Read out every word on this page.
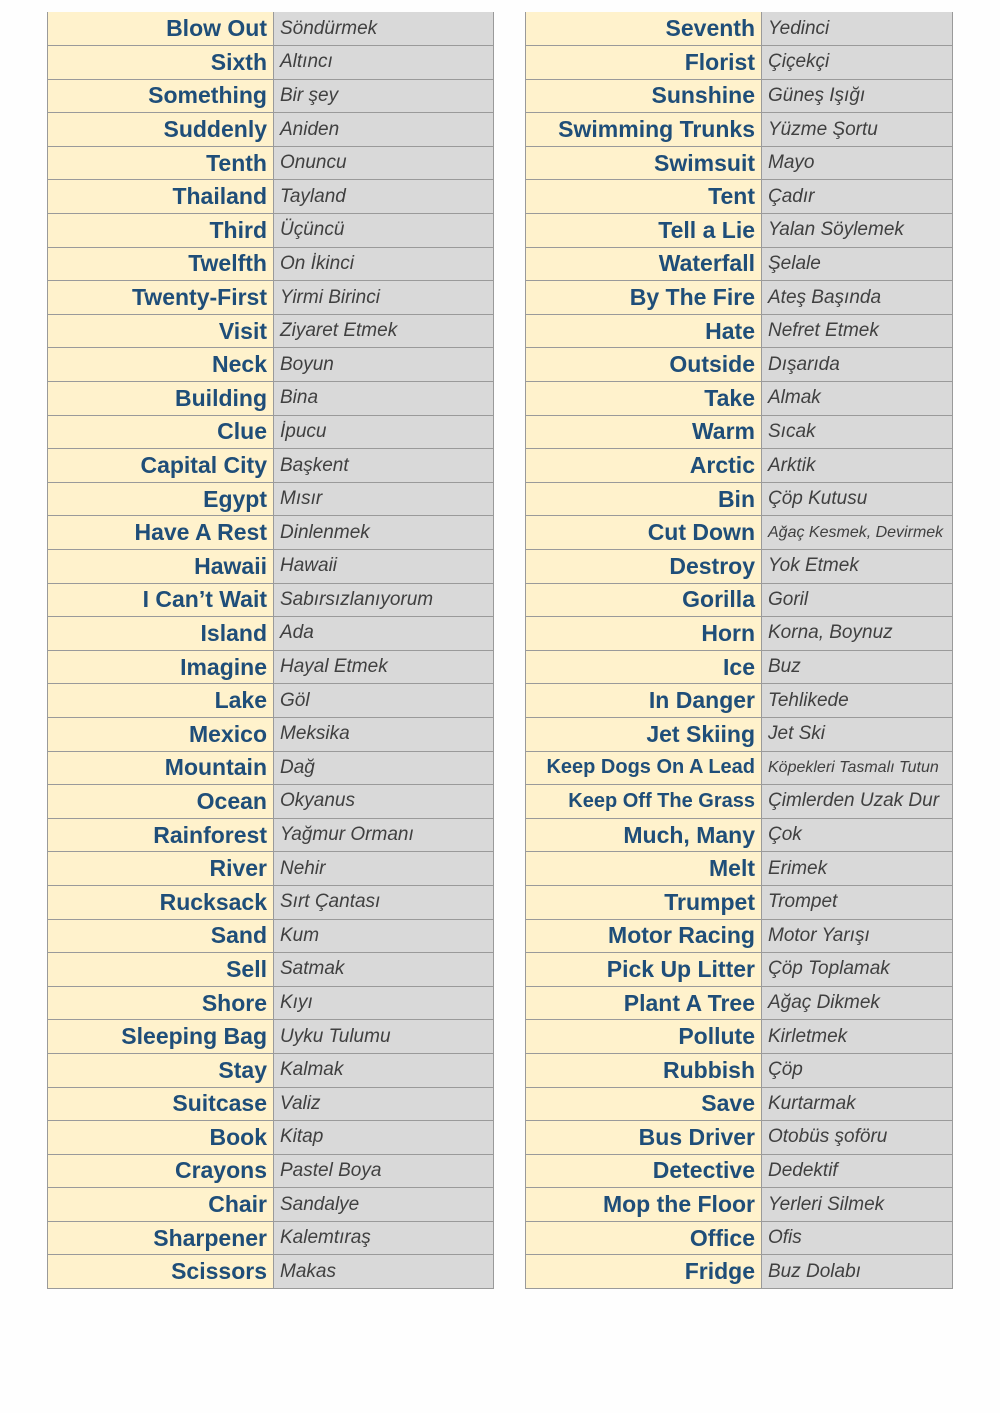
Blow Out	Söndürmek
Sixth	Altıncı
Something	Bir şey
Suddenly	Aniden
Tenth	Onuncu
Thailand	Tayland
Third	Üçüncü
Twelfth	On İkinci
Twenty-First	Yirmi Birinci
Visit	Ziyaret Etmek
Neck	Boyun
Building	Bina
Clue	İpucu
Capital City	Başkent
Egypt	Mısır
Have A Rest	Dinlenmek
Hawaii	Hawaii
I Can’t Wait	Sabırsızlanıyorum
Island	Ada
Imagine	Hayal Etmek
Lake	Göl
Mexico	Meksika
Mountain	Dağ
Ocean	Okyanus
Rainforest	Yağmur Ormanı
River	Nehir
Rucksack	Sırt Çantası
Sand	Kum
Sell	Satmak
Shore	Kıyı
Sleeping Bag	Uyku Tulumu
Stay	Kalmak
Suitcase	Valiz
Book	Kitap
Crayons	Pastel Boya
Chair	Sandalye
Sharpener	Kalemtıraş
Scissors	Makas
Seventh	Yedinci
Florist	Çiçekçi
Sunshine	Güneş Işığı
Swimming Trunks	Yüzme Şortu
Swimsuit	Mayo
Tent	Çadır
Tell a Lie	Yalan Söylemek
Waterfall	Şelale
By The Fire	Ateş Başında
Hate	Nefret Etmek
Outside	Dışarıda
Take	Almak
Warm	Sıcak
Arctic	Arktik
Bin	Çöp Kutusu
Cut Down	Ağaç Kesmek, Devirmek
Destroy	Yok Etmek
Gorilla	Goril
Horn	Korna, Boynuz
Ice	Buz
In Danger	Tehlikede
Jet Skiing	Jet Ski
Keep Dogs On A Lead	Köpekleri Tasmalı Tutun
Keep Off The Grass	Çimlerden Uzak Dur
Much, Many	Çok
Melt	Erimek
Trumpet	Trompet
Motor Racing	Motor Yarışı
Pick Up Litter	Çöp Toplamak
Plant A Tree	Ağaç Dikmek
Pollute	Kirletmek
Rubbish	Çöp
Save	Kurtarmak
Bus Driver	Otobüs şoföru
Detective	Dedektif
Mop the Floor	Yerleri Silmek
Office	Ofis
Fridge	Buz Dolabı
